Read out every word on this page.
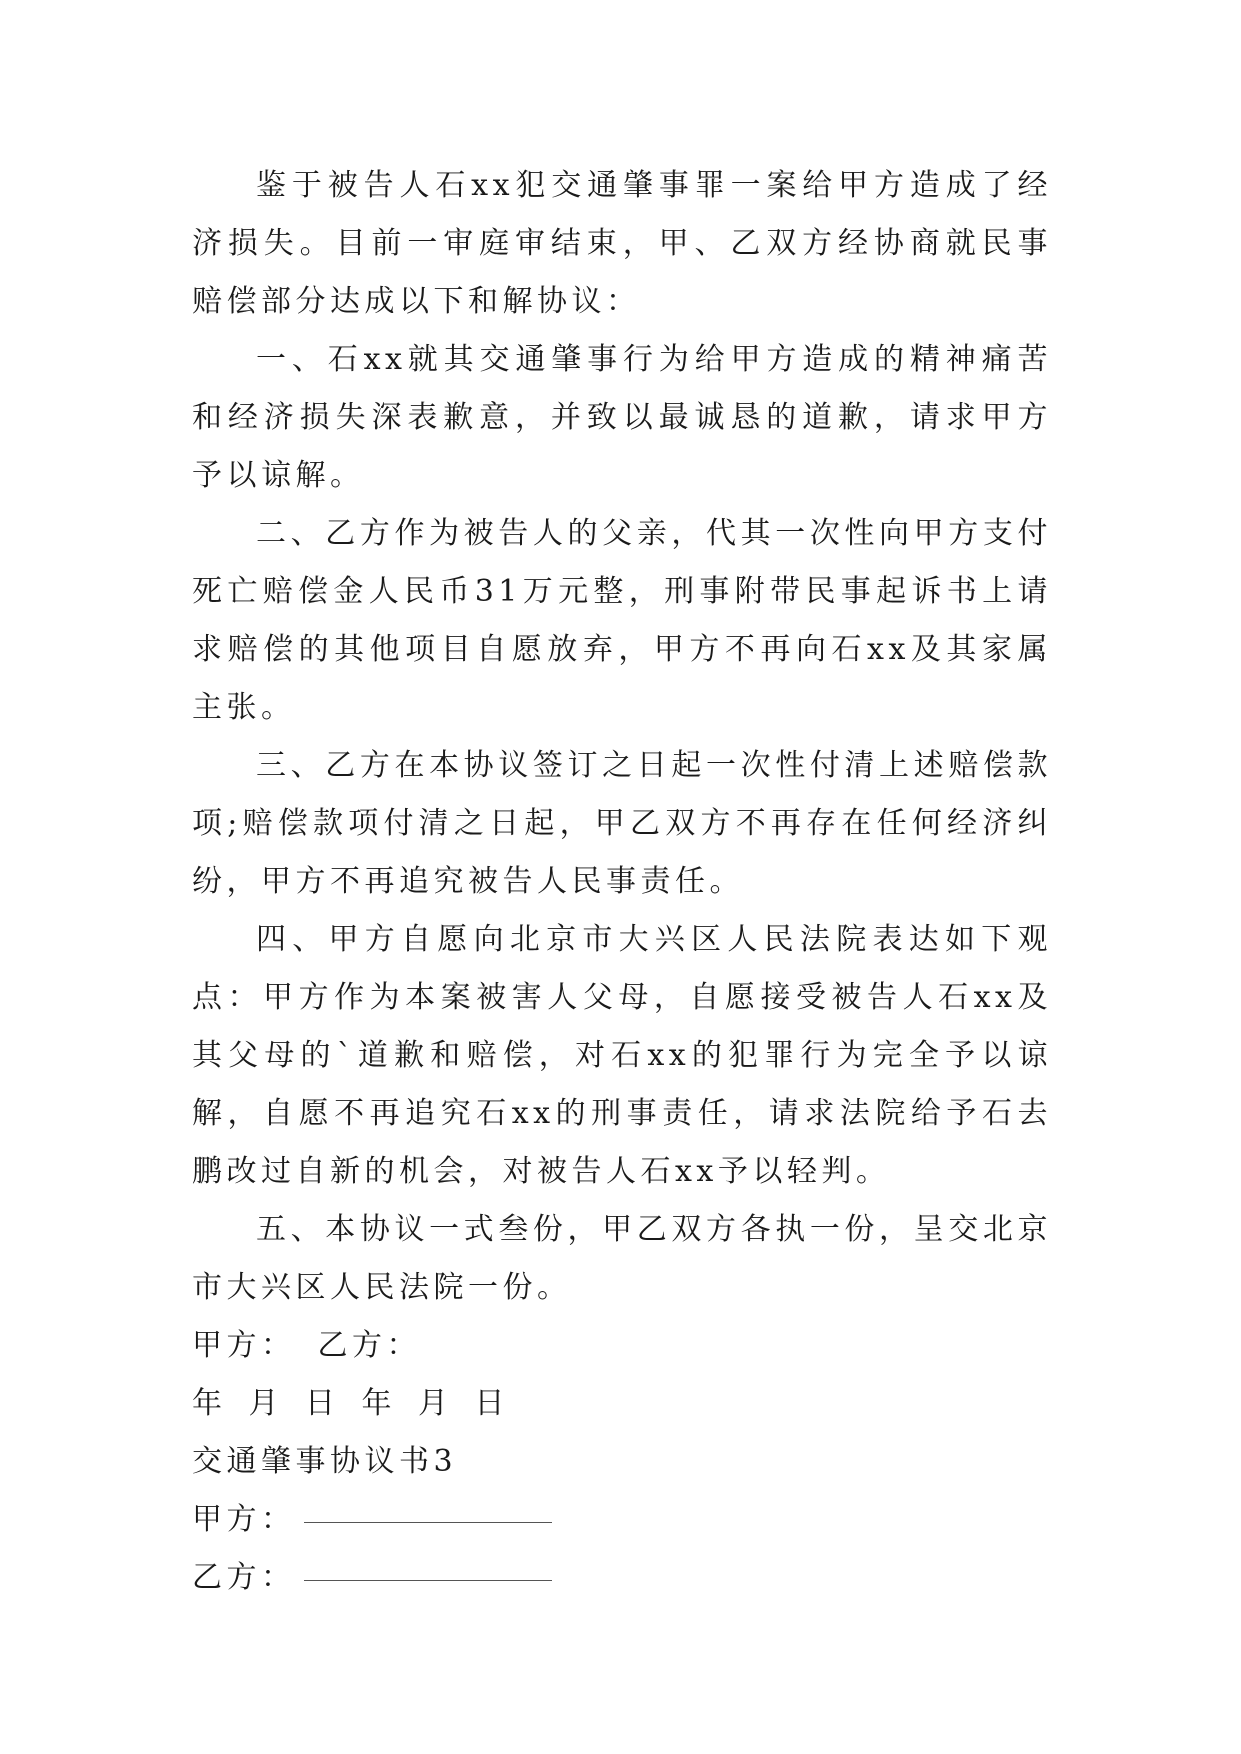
鉴于被告人石xx犯交通肇事罪一案给甲方造成了经济损失。目前一审庭审结束，甲、乙双方经协商就民事赔偿部分达成以下和解协议：

一、石xx就其交通肇事行为给甲方造成的精神痛苦和经济损失深表歉意，并致以最诚恳的道歉，请求甲方予以谅解。

二、乙方作为被告人的父亲，代其一次性向甲方支付死亡赔偿金人民币31万元整，刑事附带民事起诉书上请求赔偿的其他项目自愿放弃，甲方不再向石xx及其家属主张。

三、乙方在本协议签订之日起一次性付清上述赔偿款项;赔偿款项付清之日起，甲乙双方不再存在任何经济纠纷，甲方不再追究被告人民事责任。

四、甲方自愿向北京市大兴区人民法院表达如下观点：甲方作为本案被害人父母，自愿接受被告人石xx及其父母的`道歉和赔偿，对石xx的犯罪行为完全予以谅解，自愿不再追究石xx的刑事责任，请求法院给予石去鹏改过自新的机会，对被告人石xx予以轻判。

五、本协议一式叁份，甲乙双方各执一份，呈交北京市大兴区人民法院一份。

甲方： 乙方：

年 月 日 年 月 日

交通肇事协议书3

甲方：

乙方：
